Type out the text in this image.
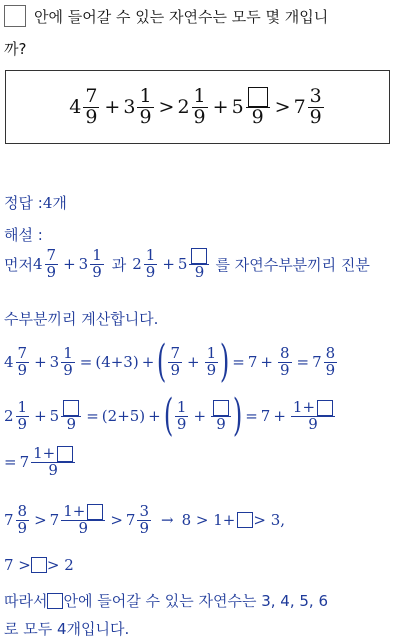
안에 들어갈 수 있는 자연수는 모두 몇 개입니
까?
$4 \frac{7}{9} + 3 \frac{1}{9} > 2 \frac{1}{9} + 5$ $9 > 7 \frac{3}{9}$
정답 : 4개
해설 :
먼저 $4 \frac{7}{9} + 3 \frac{1}{9}$ 과 $2 \frac{1}{9} + 5$ 9 를 자연수부분끼리 진분
수부분끼리 계산합니다.
$4 \frac{7}{9} + 3 \frac{1}{9} = (4+3)$ + ( $\frac{7}{9} + \frac{1}{9}$ ) = $7 + \frac{8}{9} = 7 \frac{8}{9}$
$2 \frac{1}{9} + 5$ 9 = (2+5) + ( $\frac{1}{9} + 9$ ) = $7 + \frac{1+}{9}$
= $7 \frac{1+}{9}$
$7 \frac{8}{9} > 7 \frac{1+}{9} > 7 \frac{3}{9} \to 8 > 1+ > 3$,
7 > > 2
따라서 안에 들어갈 수 있는 자연수는 3, 4, 5, 6
로 모두 4개입니다.
